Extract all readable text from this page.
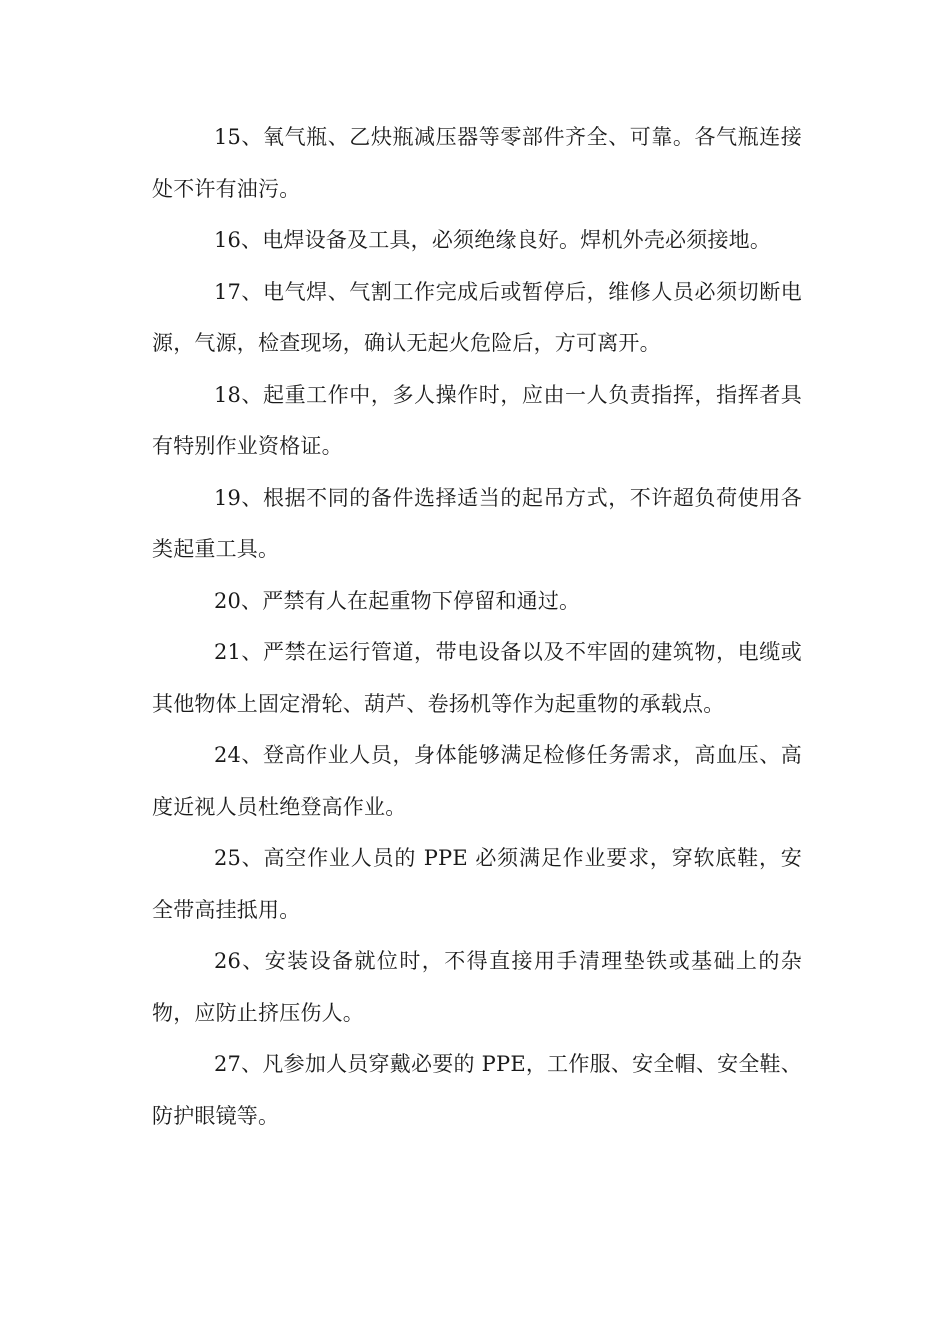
15、氧气瓶、乙炔瓶减压器等零部件齐全、可靠。各气瓶连接处不许有油污。

16、电焊设备及工具，必须绝缘良好。焊机外壳必须接地。

17、电气焊、气割工作完成后或暂停后，维修人员必须切断电源，气源，检查现场，确认无起火危险后，方可离开。

18、起重工作中，多人操作时，应由一人负责指挥，指挥者具有特别作业资格证。

19、根据不同的备件选择适当的起吊方式，不许超负荷使用各类起重工具。

20、严禁有人在起重物下停留和通过。

21、严禁在运行管道，带电设备以及不牢固的建筑物，电缆或其他物体上固定滑轮、葫芦、卷扬机等作为起重物的承载点。

24、登高作业人员，身体能够满足检修任务需求，高血压、高度近视人员杜绝登高作业。

25、高空作业人员的 PPE 必须满足作业要求，穿软底鞋，安全带高挂抵用。

26、安装设备就位时，不得直接用手清理垫铁或基础上的杂物，应防止挤压伤人。

27、凡参加人员穿戴必要的 PPE，工作服、安全帽、安全鞋、防护眼镜等。
